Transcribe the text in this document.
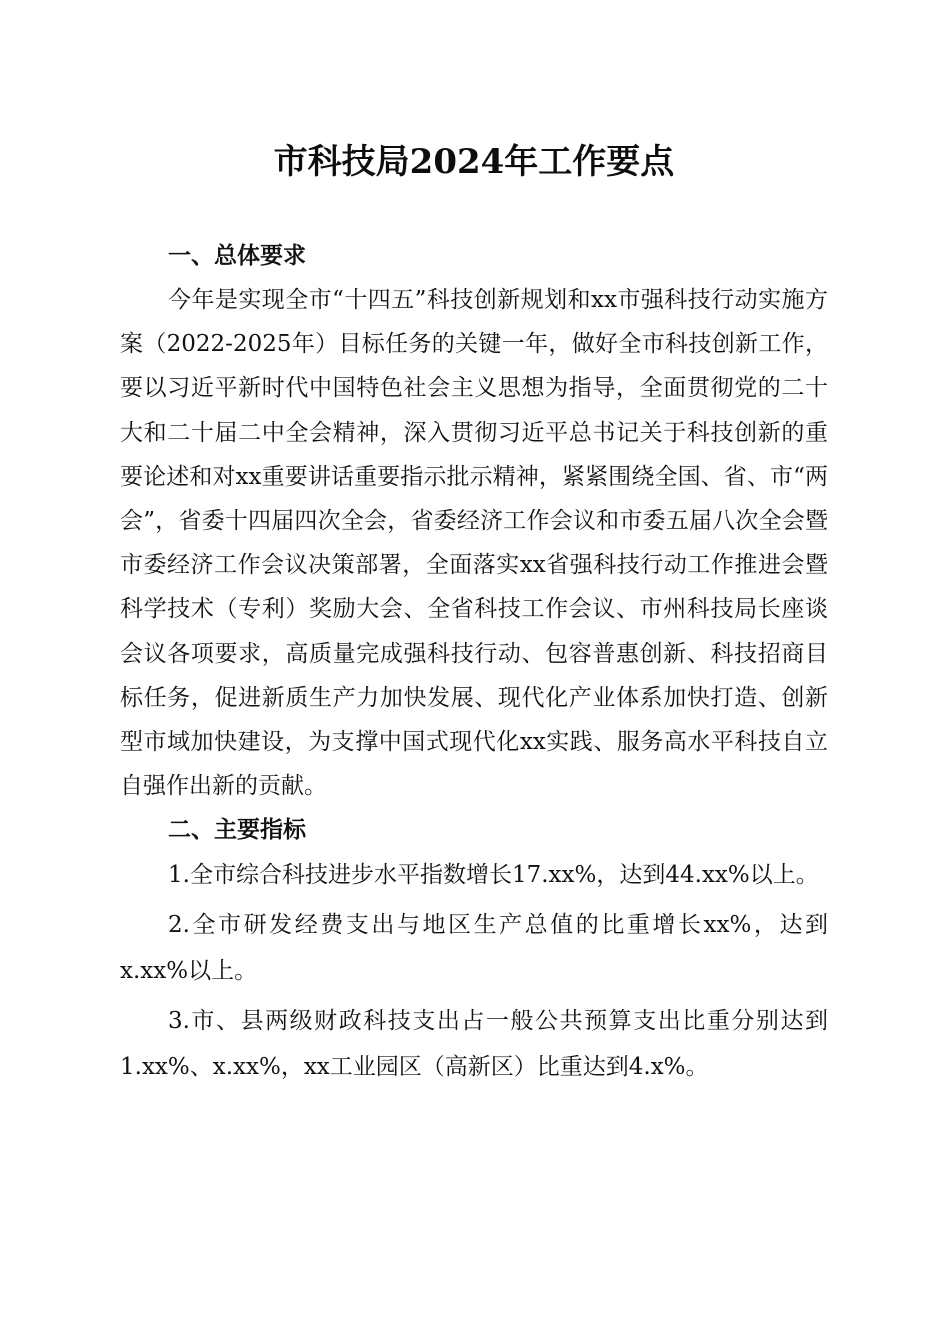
市科技局2024年工作要点
一、总体要求

今年是实现全市“十四五”科技创新规划和xx市强科技行动实施方案（2022-2025年）目标任务的关键一年，做好全市科技创新工作，要以习近平新时代中国特色社会主义思想为指导，全面贯彻党的二十大和二十届二中全会精神，深入贯彻习近平总书记关于科技创新的重要论述和对xx重要讲话重要指示批示精神，紧紧围绕全国、省、市“两会”，省委十四届四次全会，省委经济工作会议和市委五届八次全会暨市委经济工作会议决策部署，全面落实xx省强科技行动工作推进会暨科学技术（专利）奖励大会、全省科技工作会议、市州科技局长座谈会议各项要求，高质量完成强科技行动、包容普惠创新、科技招商目标任务，促进新质生产力加快发展、现代化产业体系加快打造、创新型市域加快建设，为支撑中国式现代化xx实践、服务高水平科技自立自强作出新的贡献。

二、主要指标

1.全市综合科技进步水平指数增长17.xx%，达到44.xx%以上。

2.全市研发经费支出与地区生产总值的比重增长xx%，达到x.xx%以上。

3.市、县两级财政科技支出占一般公共预算支出比重分别达到1.xx%、x.xx%，xx工业园区（高新区）比重达到4.x%。
